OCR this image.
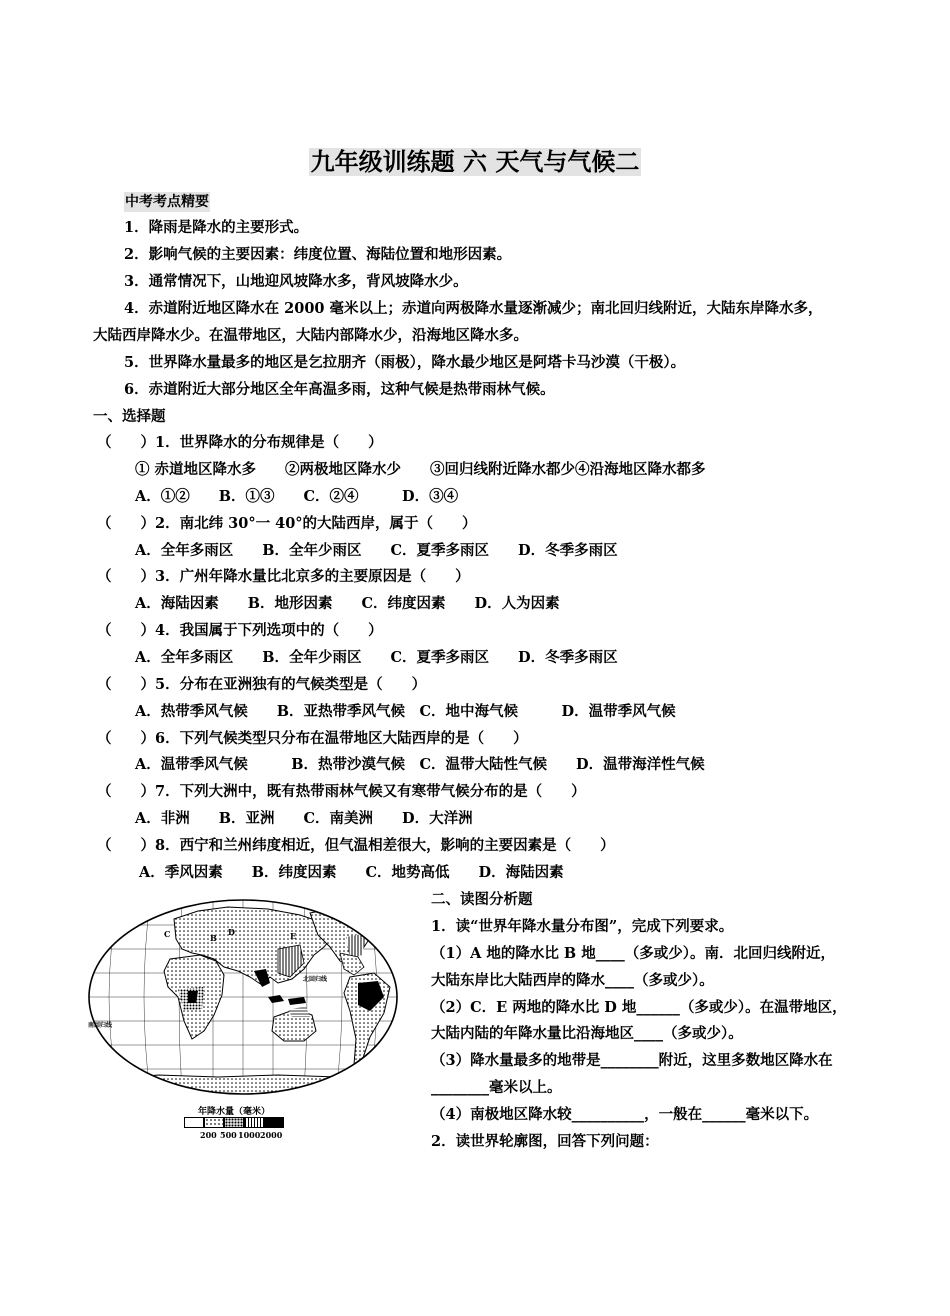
九年级训练题 六 天气与气候二
中考考点精要
1．降雨是降水的主要形式。
2．影响气候的主要因素：纬度位置、海陆位置和地形因素。
3．通常情况下，山地迎风坡降水多，背风坡降水少。
4．赤道附近地区降水在 2000 毫米以上；赤道向两极降水量逐渐减少；南北回归线附近，大陆东岸降水多，
大陆西岸降水少。在温带地区，大陆内部降水少，沿海地区降水多。
5．世界降水量最多的地区是乞拉朋齐（雨极），降水最少地区是阿塔卡马沙漠（干极）。
6．赤道附近大部分地区全年高温多雨，这种气候是热带雨林气候。
一、选择题
（　　）1．世界降水的分布规律是（　　）
① 赤道地区降水多　　②两极地区降水少　　③回归线附近降水都少④沿海地区降水都多
A．①②　　B．①③　　C．②④　　　D．③④
（　　）2．南北纬 30°一 40°的大陆西岸，属于（　　）
A．全年多雨区　　B．全年少雨区　　C．夏季多雨区　　D．冬季多雨区
（　　）3．广州年降水量比北京多的主要原因是（　　）
A．海陆因素　　B．地形因素　　C．纬度因素　　D．人为因素
（　　）4．我国属于下列选项中的（　　）
A．全年多雨区　　B．全年少雨区　　C．夏季多雨区　　D．冬季多雨区
（　　）5．分布在亚洲独有的气候类型是（　　）
A．热带季风气候　　B．亚热带季风气候　C．地中海气候　　　D．温带季风气候
（　　）6．下列气候类型只分布在温带地区大陆西岸的是（　　）
A．温带季风气候　　　B．热带沙漠气候　C．温带大陆性气候　　D．温带海洋性气候
（　　）7．下列大洲中，既有热带雨林气候又有寒带气候分布的是（　　）
A．非洲　　B．亚洲　　C．南美洲　　D．大洋洲
（　　）8．西宁和兰州纬度相近，但气温相差很大，影响的主要因素是（　　）
A．季风因素　　B．纬度因素　　C．地势高低　　D．海陆因素
二、读图分析题
1．读“世界年降水量分布图”，完成下列要求。
（1）A 地的降水比 B 地____（多或少）。南．北回归线附近，
大陆东岸比大陆西岸的降水____（多或少）。
（2）C．E 两地的降水比 D 地______（多或少）。在温带地区，
大陆内陆的年降水量比沿海地区____（多或少）。
（3）降水量最多的地带是________附近，这里多数地区降水在
________毫米以上。
（4）南极地区降水较__________，一般在______毫米以下。
2．读世界轮廓图，回答下列问题：
北回归线
南回归线
A
B
C	D	E
年降水量（毫米）
200 500 1000 2000
